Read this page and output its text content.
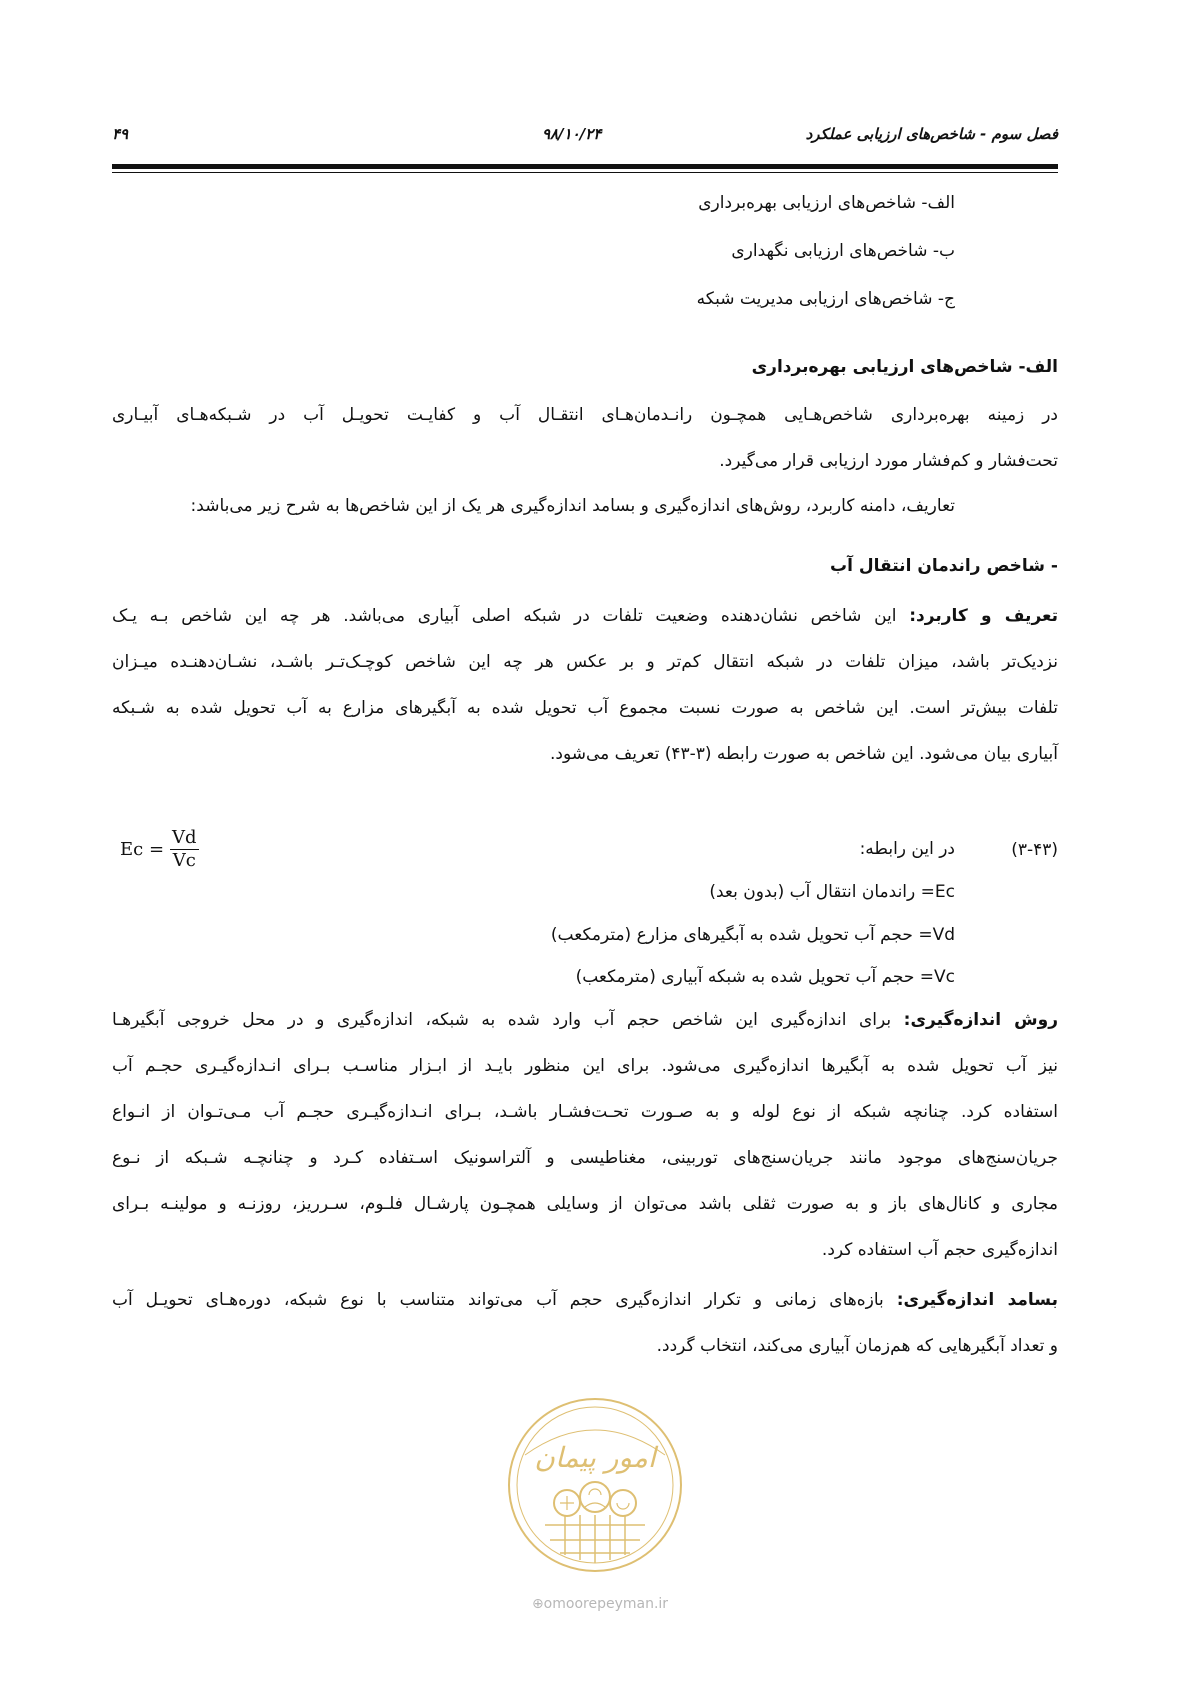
فصل سوم - شاخص‌های ارزیابی عملکرد
۹۸/۱۰/۲۴
۴۹
الف- شاخص‌های ارزیابی بهره‌برداری
ب- شاخص‌های ارزیابی نگهداری
ج- شاخص‌های ارزیابی مدیریت شبکه
الف- شاخص‌های ارزیابی بهره‌برداری
در زمینه بهره‌برداری شاخص‌هـایی همچـون رانـدمان‌هـای انتقـال آب و کفایـت تحویـل آب در شـبکه‌هـای آبیـاری
تحت‌فشار و کم‌فشار مورد ارزیابی قرار می‌گیرد.
تعاریف، دامنه کاربرد، روش‌های اندازه‌گیری و بسامد اندازه‌گیری هر یک از این شاخص‌ها به شرح زیر می‌باشد:
- شاخص راندمان انتقال آب
تعریف و کاربرد: این شاخص نشان‌دهنده وضعیت تلفات در شبکه اصلی آبیاری می‌باشد. هر چه این شاخص بـه یـک
نزدیک‌تر باشد، میزان تلفات در شبکه انتقال کم‌تر و بر عکس هر چه این شاخص کوچـک‌تـر باشـد، نشـان‌دهنـده میـزان
تلفات بیش‌تر است. این شاخص به صورت نسبت مجموع آب تحویل شده به آبگیرهای مزارع به آب تحویل شده به شـبکه
آبیاری بیان می‌شود. این شاخص به صورت رابطه (۳-۴۳) تعریف می‌شود.
$Ec = \frac{Vd}{Vc}$	(۳-۴۳)
در این رابطه:
Ec= راندمان انتقال آب (بدون بعد)
Vd= حجم آب تحویل شده به آبگیرهای مزارع (مترمکعب)
Vc= حجم آب تحویل شده به شبکه آبیاری (مترمکعب)
روش اندازه‌گیری: برای اندازه‌گیری این شاخص حجم آب وارد شده به شبکه، اندازه‌گیری و در محل خروجی آبگیرهـا
نیز آب تحویل شده به آبگیرها اندازه‌گیری می‌شود. برای این منظور بایـد از ابـزار مناسـب بـرای انـدازه‌گیـری حجـم آب
استفاده کرد. چنانچه شبکه از نوع لوله و به صـورت تحـت‌فشـار باشـد، بـرای انـدازه‌گیـری حجـم آب مـی‌تـوان از انـواع
جریان‌سنج‌های موجود مانند جریان‌سنج‌های توربینی، مغناطیسی و آلتراسونیک اسـتفاده کـرد و چنانچـه شـبکه از نـوع
مجاری و کانال‌های باز و به صورت ثقلی باشد می‌توان از وسایلی همچـون پارشـال فلـوم، سـرریز، روزنـه و مولینـه بـرای
اندازه‌گیری حجم آب استفاده کرد.
بسامد اندازه‌گیری: بازه‌های زمانی و تکرار اندازه‌گیری حجم آب می‌تواند متناسب با نوع شبکه، دوره‌هـای تحویـل آب
و تعداد آبگیرهایی که هم‌زمان آبیاری می‌کند، انتخاب گردد.
امور پیمان
⊕omoorepeyman.ir
